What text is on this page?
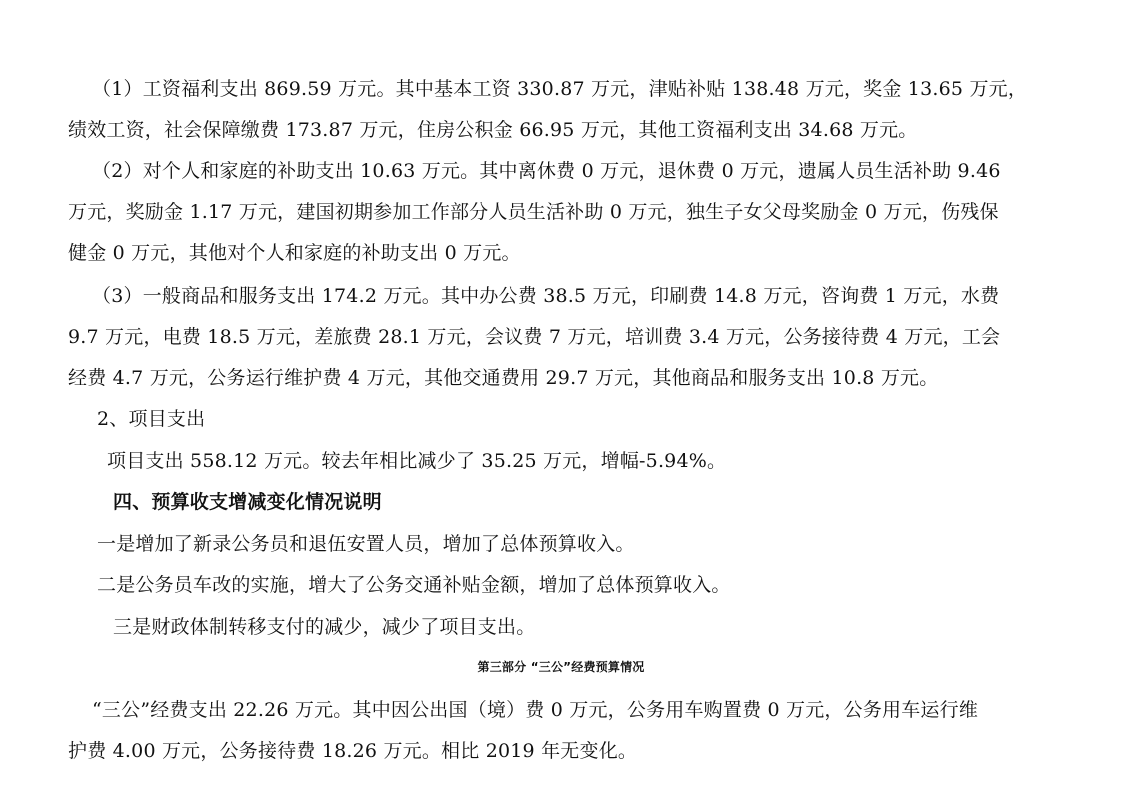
（1）工资福利支出 869.59 万元。其中基本工资 330.87 万元，津贴补贴 138.48 万元，奖金 13.65 万元，
绩效工资，社会保障缴费 173.87 万元，住房公积金 66.95 万元，其他工资福利支出 34.68 万元。
（2）对个人和家庭的补助支出 10.63 万元。其中离休费 0 万元，退休费 0 万元，遗属人员生活补助 9.46
万元，奖励金 1.17 万元，建国初期参加工作部分人员生活补助 0 万元，独生子女父母奖励金 0 万元，伤残保
健金 0 万元，其他对个人和家庭的补助支出 0 万元。
（3）一般商品和服务支出 174.2 万元。其中办公费 38.5 万元，印刷费 14.8 万元，咨询费 1 万元，水费
9.7 万元，电费 18.5 万元，差旅费 28.1 万元，会议费 7 万元，培训费 3.4 万元，公务接待费 4 万元，工会
经费 4.7 万元，公务运行维护费 4 万元，其他交通费用 29.7 万元，其他商品和服务支出 10.8 万元。
2、项目支出
项目支出 558.12 万元。较去年相比减少了 35.25 万元，增幅-5.94%。
四、预算收支增减变化情况说明
一是增加了新录公务员和退伍安置人员，增加了总体预算收入。
二是公务员车改的实施，增大了公务交通补贴金额，增加了总体预算收入。
三是财政体制转移支付的减少，减少了项目支出。
第三部分 “三公”经费预算情况
“三公”经费支出 22.26 万元。其中因公出国（境）费 0 万元，公务用车购置费 0 万元，公务用车运行维
护费 4.00 万元，公务接待费 18.26 万元。相比 2019 年无变化。
